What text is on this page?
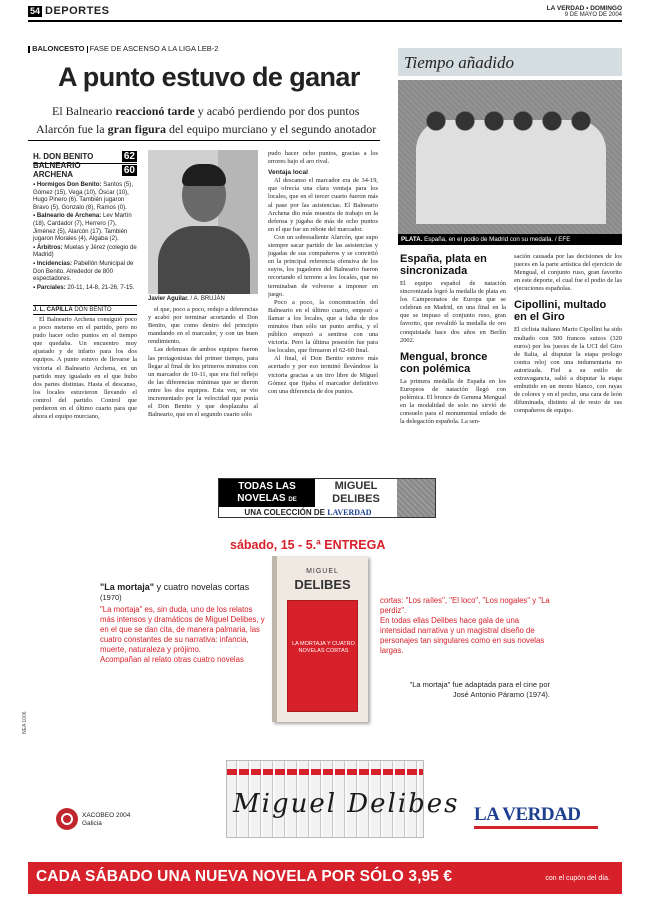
54 DEPORTES	LA VERDAD • DOMINGO
9 DE MAYO DE 2004
BALONCESTO FASE DE ASCENSO A LA LIGA LEB-2
A punto estuvo de ganar
El Balneario reaccionó tarde y acabó perdiendo por dos puntos
Alarcón fue la gran figura del equipo murciano y el segundo anotador
H. DON BENITO	62
BALNEARIO ARCHENA	60
▪ Hormigos Don Benito: Santos (5), Gómez (15), Vega (10), Óscar (10), Hugo Pinero (6). También jugaron Bravo (5), Gonzalo (8), Ramos (0).
▪ Balneario de Archena: Lev Martín (18), Cardador (7), Herrero (7), Jiménez (5), Alarcón (17). También jugaron Morales (4), Algaba (2).
▪ Árbitros: Muelas y Jérez (colegio de Madrid)
▪ Incidencias: Pabellón Municipal de Don Benito. Alrededor de 800 espectadores.
▪ Parciales: 20-11, 14-8, 21-26, 7-15.
J. L. CAPILLA DON BENITO
Javier Aguilar. / A. BRUJÁN

El Balneario Archena consiguió poco a poco meterse en el partido, pero no pudo hacer ocho puntos en el tiempo que quedaba. Un encuentro muy ajustado y de infarto para los dos equipos. A punto estuvo de llevarse la victoria el Balneario Archena, en un partido muy igualado en el que hubo dos partes distintas. Hasta el descanso, los locales estuvieron llevando el control del partido. Control que perdieron en el último cuarto para que ahora el equipo murciano,

el que, poco a poco, redujo a diferencias y acabó por terminar acortando el Don Benito, que como dentro del principio mandando en el marcador, y con un buen rendimiento.

Las defensas de ambos equipos fueron las protagonistas del primer tiempo, para llegar al final de los primeros minutos con un marcador de 10-11, que era fiel reflejo de las diferencias mínimas que se dieron entre los dos equipos. Esta vez, se vio incrementado por la velocidad que ponía el Don Benito y que desplazaba al Balneario, que en el segundo cuarto sólo

pudo hacer ocho puntos, gracias a los errores bajo el aro rival.

Ventaja local

Al descanso el marcador era de 34-19, que ofrecía una clara ventaja para los locales, que en el tercer cuarto fueron más al pase por las asistencias. El Balneario Archena dio más muestra de trabajo en la defensa y jugaba de más de ocho puntos en el que fue un rebote del marcador.

Con un sobresaliente Alarcón, que supo siempre sacar partido de las asistencias y jugadas de sus compañeros y se convirtió en la principal referencia ofensiva de los suyos, los jugadores del Balneario fueron recortando el terreno a los locales, que no terminaban de volverse a imponer en juego.

Poco a poco, la concentración del Balneario en el último cuarto, empezó a llamar a los locales, que a falta de dos minutos iban sólo un punto arriba, y el público empezó a sentirse con una victoria. Pero la última posesión fue para los locales, que firmaron el 62-60 final.

Al final, el Don Benito estuvo más acertado y por eso terminó llevándose la victoria gracias a un tiro libre de Miguel Gómez que fijaba el marcador definitivo con una diferencia de dos puntos.

Tiempo añadido
PLATA. España, en el podio de Madrid con su medalla. / EFE
España, plata en sincronizada

El equipo español de natación sincronizada logró la medalla de plata en los Campeonatos de Europa que se celebran en Madrid, en una final en la que se impuso el conjunto ruso, gran favorito, que revalidó la medalla de oro conquistada hace dos años en Berlín 2002.

Mengual, bronce con polémica

La primera medalla de España en los Europeos de natación llegó con polémica. El bronce de Gemma Mengual en la modalidad de solo no sirvió de consuelo para el monumental enfado de la delegación española. La sen-

sación causada por las decisiones de los jueces en la parte artística del ejercicio de Mengual, el conjunto ruso, gran favorito en este deporte, el cual fue el podio de las ejecuciones españolas.

Cipollini, multado en el Giro

El ciclista italiano Mario Cipollini ha sido multado con 500 francos suizos (320 euros) por los jueces de la UCI del Giro de Italia, al disputar la etapa prologo contra reloj con una indumentaria no autorizada. Fiel a su estilo de extravagancia, salió a disputar la etapa embutido en un mono blanco, con rayas de colores y en el pecho, una cara de león difuminada, distinto al de resto de sus compañeros de equipo.

TODAS LAS
NOVELAS DE
MIGUEL
DELIBES
UNA COLECCIÓN DE LAVERDAD
sábado, 15 - 5.ª ENTREGA
MIGUEL
DELIBES
LA MORTAJA Y CUATRO NOVELAS CORTAS
"La mortaja" y cuatro novelas cortas
(1970)

"La mortaja" es, sin duda, uno de los relatos más intensos y dramáticos de Miguel Delibes, y en el que se dan cita, de manera palmaria, las cuatro constantes de su narrativa: infancia, muerte, naturaleza y prójimo.

Acompañan al relato otras cuatro novelas

cortas: "Los raíles", "El loco", "Los nogales" y "La perdiz".

En todas ellas Delibes hace gala de una intensidad narrativa y un magistral diseño de personajes tan singulares como en sus novelas largas.

"La mortaja" fue adaptada para el cine por José Antonio Páramo (1974).

NEA 1006
Miguel Delibes
XACOBEO 2004
Galicia	LA VERDAD
CADA SÁBADO UNA NUEVA NOVELA POR SÓLO 3,95 €	con el cupón del día.
